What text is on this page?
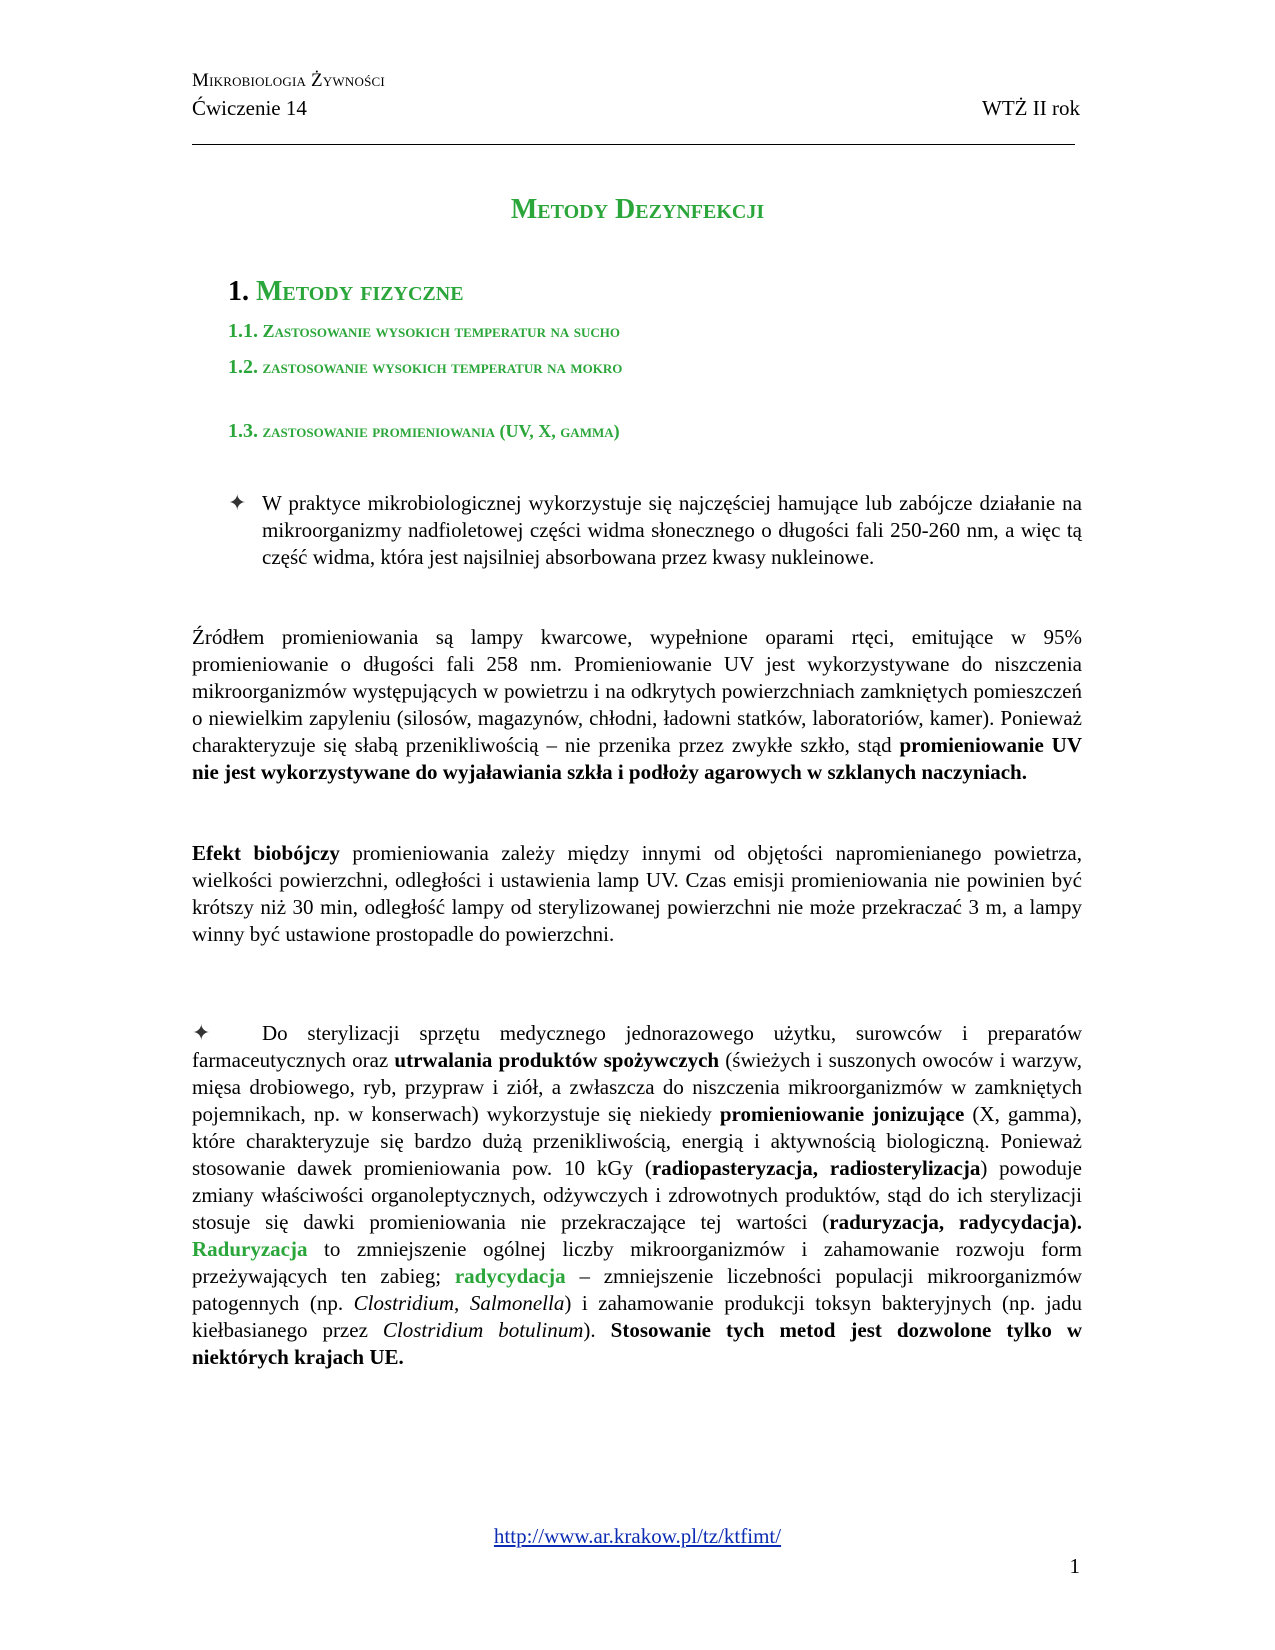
Mikrobiologia Żywności
Ćwiczenie 14	WTŻ II rok
Metody Dezynfekcji
1. Metody fizyczne
1.1. Zastosowanie wysokich temperatur na sucho
1.2. zastosowanie wysokich temperatur na mokro
1.3. zastosowanie promieniowania (UV, X, gamma)
✦ W praktyce mikrobiologicznej wykorzystuje się najczęściej hamujące lub zabójcze działanie na mikroorganizmy nadfioletowej części widma słonecznego o długości fali 250-260 nm, a więc tą część widma, która jest najsilniej absorbowana przez kwasy nukleinowe.
Źródłem promieniowania są lampy kwarcowe, wypełnione oparami rtęci, emitujące w 95% promieniowanie o długości fali 258 nm. Promieniowanie UV jest wykorzystywane do niszczenia mikroorganizmów występujących w powietrzu i na odkrytych powierzchniach zamkniętych pomieszczeń o niewielkim zapyleniu (silosów, magazynów, chłodni, ładowni statków, laboratoriów, kamer). Ponieważ charakteryzuje się słabą przenikliwością – nie przenika przez zwykłe szkło, stąd promieniowanie UV nie jest wykorzystywane do wyjaławiania szkła i podłoży agarowych w szklanych naczyniach.
Efekt biobójczy promieniowania zależy między innymi od objętości napromienianego powietrza, wielkości powierzchni, odległości i ustawienia lamp UV. Czas emisji promieniowania nie powinien być krótszy niż 30 min, odległość lampy od sterylizowanej powierzchni nie może przekraczać 3 m, a lampy winny być ustawione prostopadle do powierzchni.
✦	Do sterylizacji sprzętu medycznego jednorazowego użytku, surowców i preparatów farmaceutycznych oraz utrwalania produktów spożywczych (świeżych i suszonych owoców i warzyw, mięsa drobiowego, ryb, przypraw i ziół, a zwłaszcza do niszczenia mikroorganizmów w zamkniętych pojemnikach, np. w konserwach) wykorzystuje się niekiedy promieniowanie jonizujące (X, gamma), które charakteryzuje się bardzo dużą przenikliwością, energią i aktywnością biologiczną. Ponieważ stosowanie dawek promieniowania pow. 10 kGy (radiopasteryzacja, radiosterylizacja) powoduje zmiany właściwości organoleptycznych, odżywczych i zdrowotnych produktów, stąd do ich sterylizacji stosuje się dawki promieniowania nie przekraczające tej wartości (raduryzacja, radycydacja). Raduryzacja to zmniejszenie ogólnej liczby mikroorganizmów i zahamowanie rozwoju form przeżywających ten zabieg; radycydacja – zmniejszenie liczebności populacji mikroorganizmów patogennych (np. Clostridium, Salmonella) i zahamowanie produkcji toksyn bakteryjnych (np. jadu kiełbasianego przez Clostridium botulinum). Stosowanie tych metod jest dozwolone tylko w niektórych krajach UE.
http://www.ar.krakow.pl/tz/ktfimt/
1
